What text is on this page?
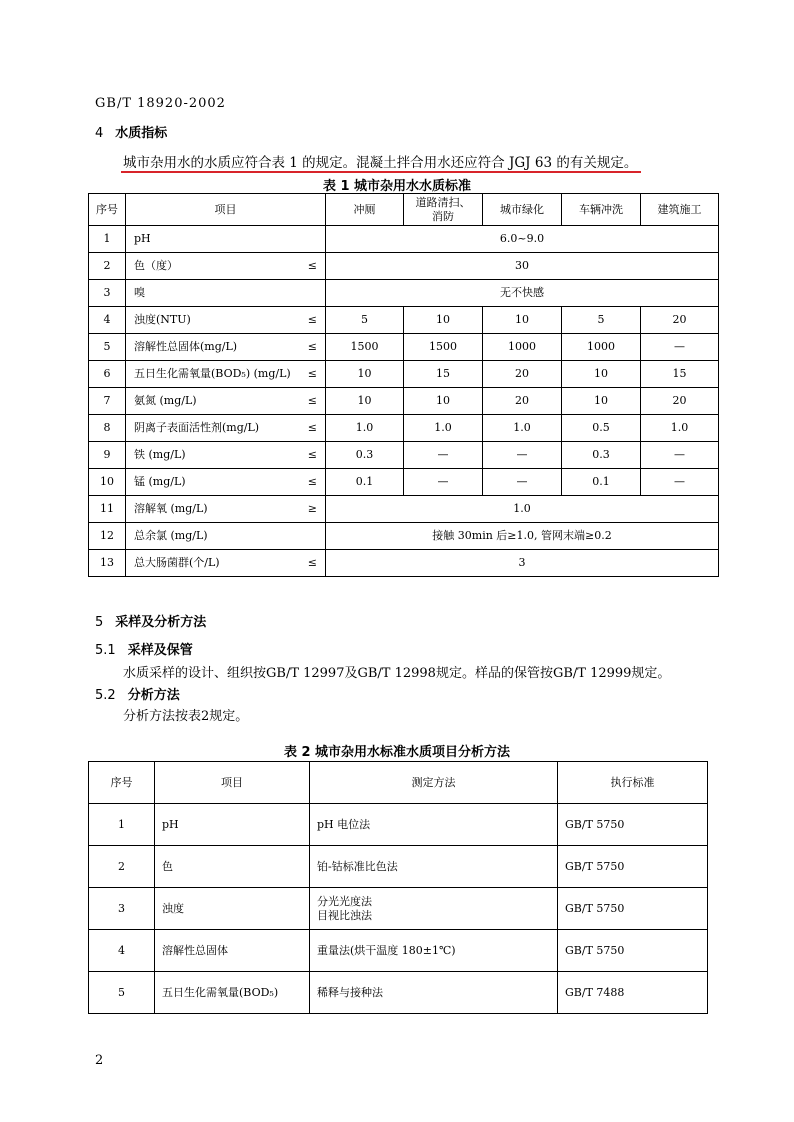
GB/T 18920-2002
4 水质指标
城市杂用水的水质应符合表 1 的规定。混凝土拌合用水还应符合 JGJ 63 的有关规定。
表 1 城市杂用水水质标准
序号	项目		冲厕	道路清扫、
消防	城市绿化	车辆冲洗	建筑施工
1	pH		6.0~9.0				
2	色（度）	≤	30				
3	嗅		无不快感				
4	浊度(NTU)	≤	5	10	10	5	20
5	溶解性总固体(mg/L)	≤	1500	1500	1000	1000	—
6	五日生化需氧量(BOD₅) (mg/L)	≤	10	15	20	10	15
7	氨氮 (mg/L)	≤	10	10	20	10	20
8	阴离子表面活性剂(mg/L)	≤	1.0	1.0	1.0	0.5	1.0
9	铁 (mg/L)	≤	0.3	—	—	0.3	—
10	锰 (mg/L)	≤	0.1	—	—	0.1	—
11	溶解氧 (mg/L)	≥	1.0				
12	总余氯 (mg/L)		接触 30min 后≥1.0, 管网末端≥0.2				
13	总大肠菌群(个/L)	≤	3				
5 采样及分析方法
5.1 采样及保管
水质采样的设计、组织按GB/T 12997及GB/T 12998规定。样品的保管按GB/T 12999规定。
5.2 分析方法
分析方法按表2规定。
表 2 城市杂用水标准水质项目分析方法
序号	项目	测定方法	执行标准
1	pH	pH 电位法	GB/T 5750
2	色	铂-钴标准比色法	GB/T 5750
3	浊度	分光光度法
目视比浊法	GB/T 5750
4	溶解性总固体	重量法(烘干温度 180±1℃)	GB/T 5750
5	五日生化需氧量(BOD₅)	稀释与接种法	GB/T 7488
2
